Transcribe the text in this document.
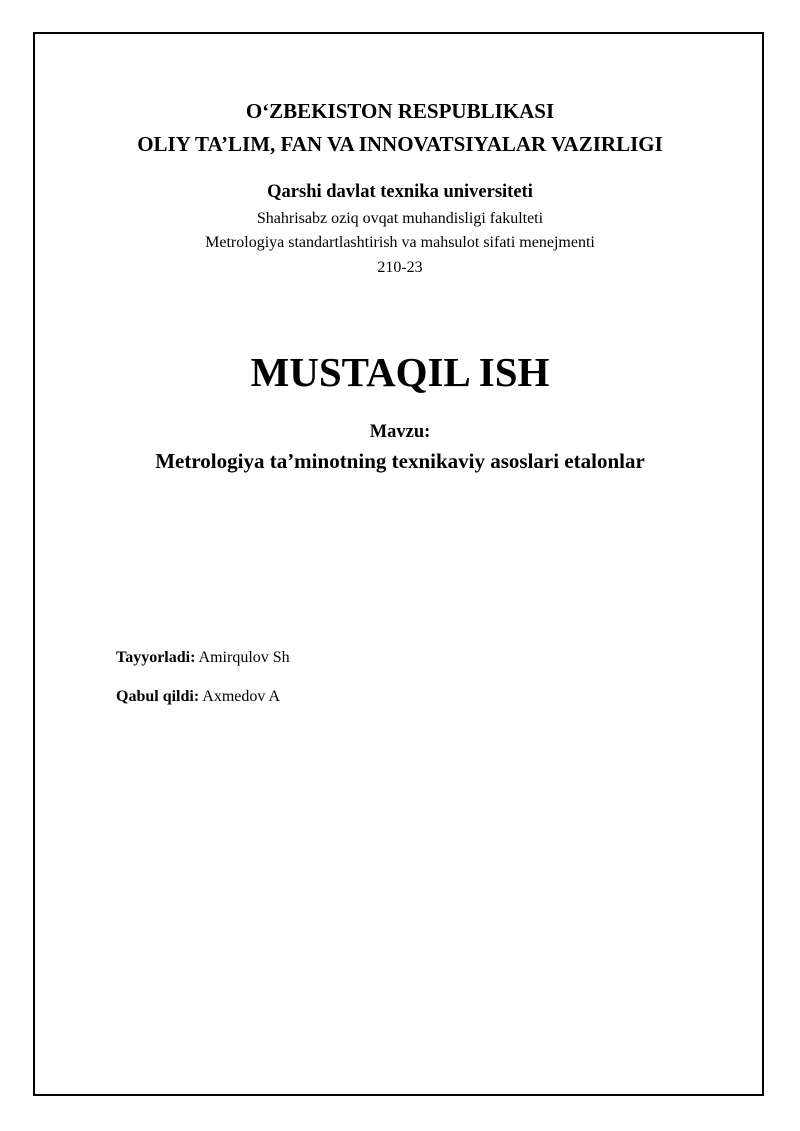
O‘ZBEKISTON RESPUBLIKASI
OLIY TA’LIM, FAN VA INNOVATSIYALAR VAZIRLIGI
Qarshi davlat texnika universiteti
Shahrisabz oziq ovqat muhandisligi fakulteti
Metrologiya standartlashtirish va mahsulot sifati menejmenti
210-23
MUSTAQIL ISH
Mavzu:
Metrologiya ta’minotning texnikaviy asoslari etalonlar
Tayyorladi: Amirqulov Sh
Qabul qildi: Axmedov A
